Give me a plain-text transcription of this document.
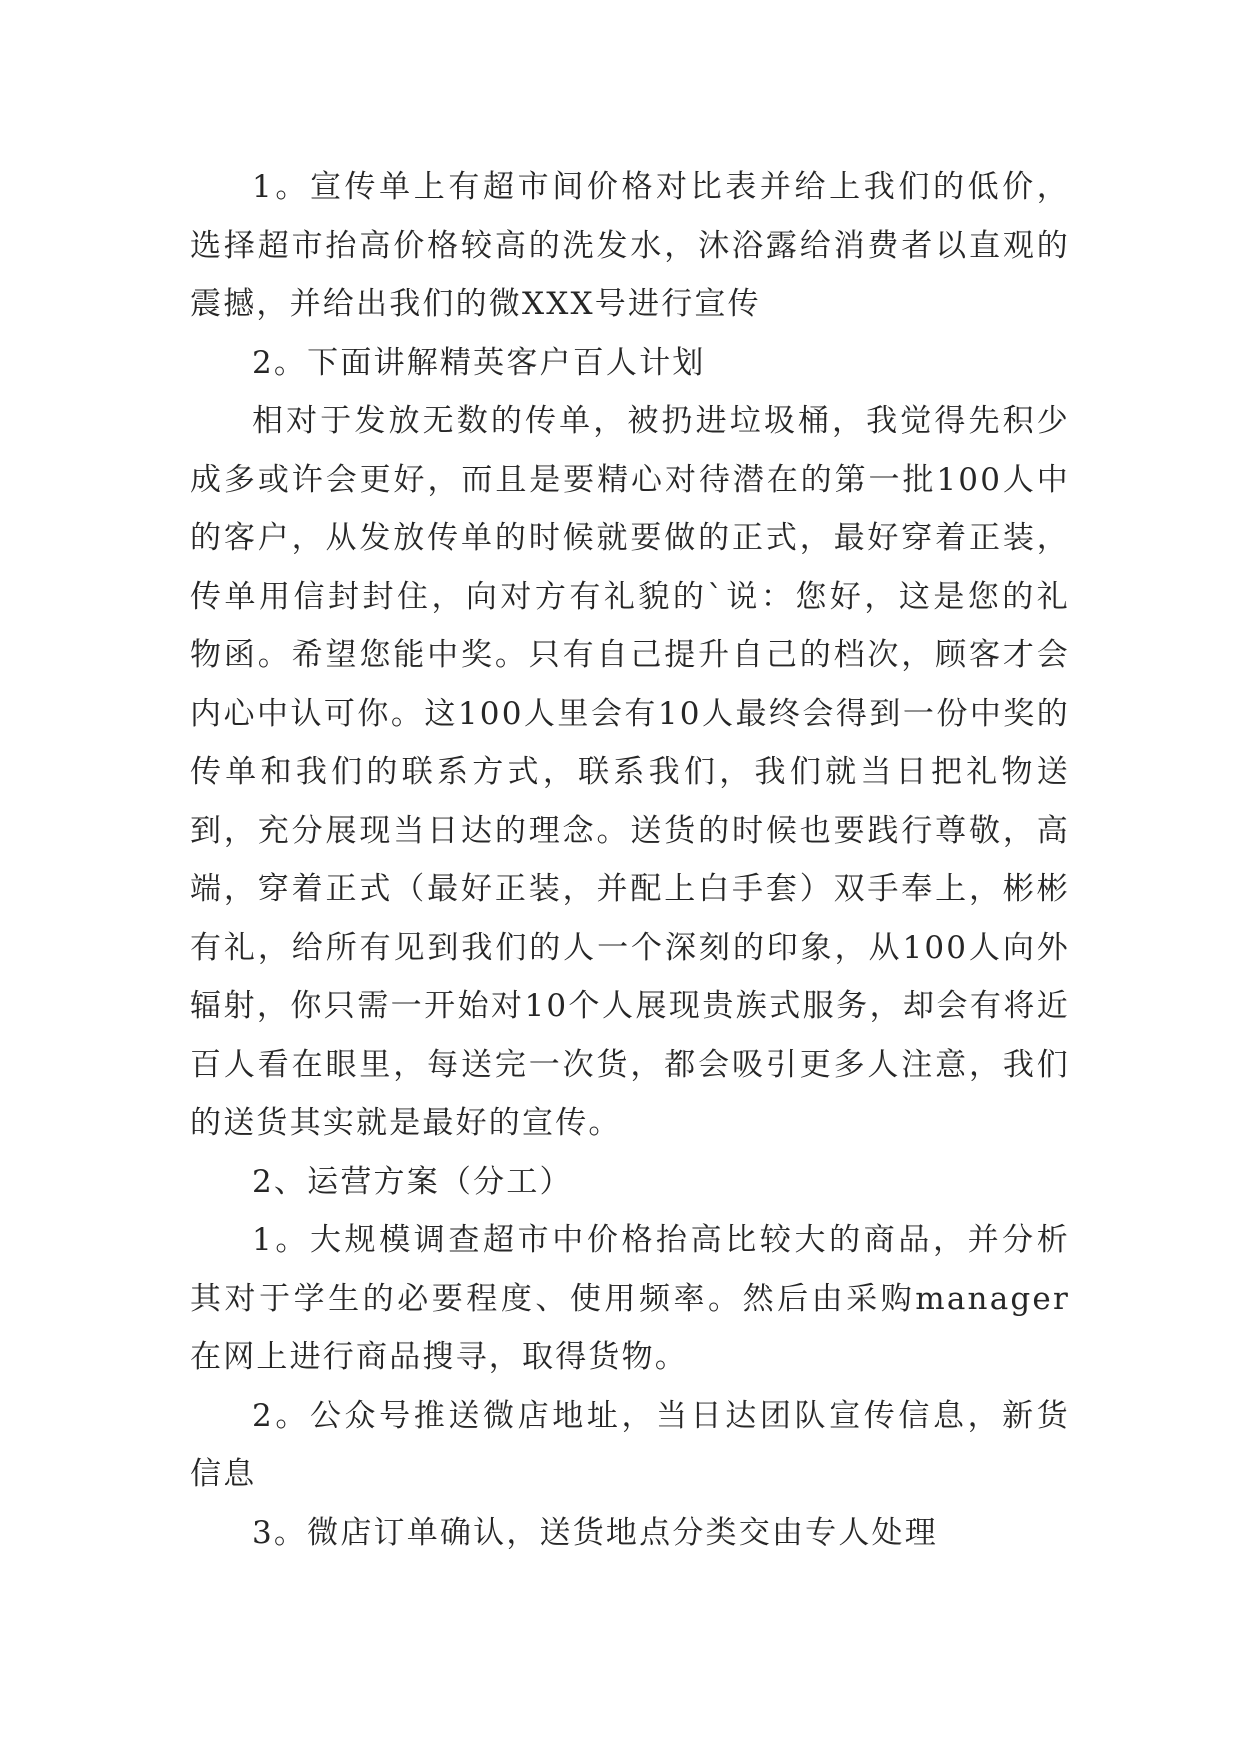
1。宣传单上有超市间价格对比表并给上我们的低价，选择超市抬高价格较高的洗发水，沐浴露给消费者以直观的震撼，并给出我们的微XXX号进行宣传

2。下面讲解精英客户百人计划

相对于发放无数的传单，被扔进垃圾桶，我觉得先积少成多或许会更好，而且是要精心对待潜在的第一批100人中的客户，从发放传单的时候就要做的正式，最好穿着正装，传单用信封封住，向对方有礼貌的`说：您好，这是您的礼物函。希望您能中奖。只有自己提升自己的档次，顾客才会内心中认可你。这100人里会有10人最终会得到一份中奖的传单和我们的联系方式，联系我们，我们就当日把礼物送到，充分展现当日达的理念。送货的时候也要践行尊敬，高端，穿着正式（最好正装，并配上白手套）双手奉上，彬彬有礼，给所有见到我们的人一个深刻的印象，从100人向外辐射，你只需一开始对10个人展现贵族式服务，却会有将近百人看在眼里，每送完一次货，都会吸引更多人注意，我们的送货其实就是最好的宣传。

2、运营方案（分工）

1。大规模调查超市中价格抬高比较大的商品，并分析其对于学生的必要程度、使用频率。然后由采购manager在网上进行商品搜寻，取得货物。

2。公众号推送微店地址，当日达团队宣传信息，新货信息

3。微店订单确认，送货地点分类交由专人处理
